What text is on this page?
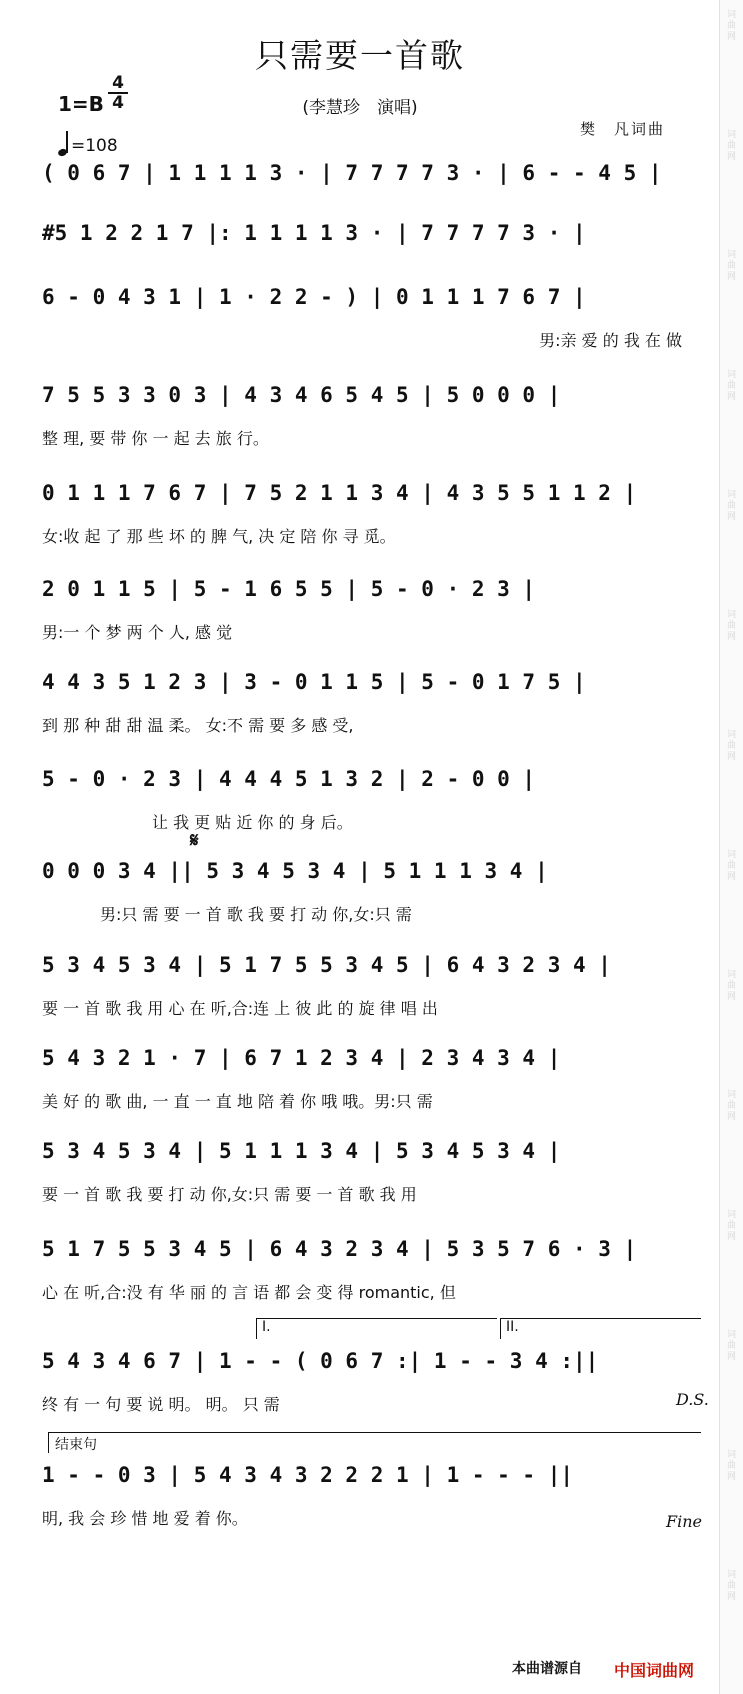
只需要一首歌
(李慧珍　演唱)
1=B
4
4
=108
樊　凡词曲
( 0 6 7 | 1 1 1 1 3 · | 7 7 7 7 3 · | 6 - - 4 5 |
#5 1 2 2 1 7 |: 1 1 1 1 3 · | 7 7 7 7 3 · |
6 - 0 4 3 1 | 1 · 2 2 - ) | 0 1 1 1 7 6 7 |
男:亲 爱 的 我 在 做
7 5 5 3 3 0 3 | 4 3 4 6 5 4 5 | 5 0 0 0 |
整 理, 要 带 你 一 起 去 旅 行。
0 1 1 1 7 6 7 | 7 5 2 1 1 3 4 | 4 3 5 5 1 1 2 |
女:收 起 了 那 些 坏 的 脾 气, 决 定 陪 你 寻 觅。
2 0 1 1 5 | 5 - 1 6 5 5 | 5 - 0 · 2 3 |
男:一 个 梦 两 个 人, 感 觉
4 4 3 5 1 2 3 | 3 - 0 1 1 5 | 5 - 0 1 7 5 |
到 那 种 甜 甜 温 柔。 女:不 需 要 多 感 受,
5 - 0 · 2 3 | 4 4 4 5 1 3 2 | 2 - 0 0 |
让 我 更 贴 近 你 的 身 后。
𝄋
0 0 0 3 4 || 5 3 4 5 3 4 | 5 1 1 1 3 4 |
男:只 需 要 一 首 歌 我 要 打 动 你,女:只 需
5 3 4 5 3 4 | 5 1 7 5 5 3 4 5 | 6 4 3 2 3 4 |
要 一 首 歌 我 用 心 在 听,合:连 上 彼 此 的 旋 律 唱 出
5 4 3 2 1 · 7 | 6 7 1 2 3 4 | 2 3 4 3 4 |
美 好 的 歌 曲, 一 直 一 直 地 陪 着 你 哦 哦。男:只 需
5 3 4 5 3 4 | 5 1 1 1 3 4 | 5 3 4 5 3 4 |
要 一 首 歌 我 要 打 动 你,女:只 需 要 一 首 歌 我 用
5 1 7 5 5 3 4 5 | 6 4 3 2 3 4 | 5 3 5 7 6 · 3 |
心 在 听,合:没 有 华 丽 的 言 语 都 会 变 得 romantic, 但
I.	II.
5 4 3 4 6 7 | 1 - - ( 0 6 7 :| 1 - - 3 4 :||
终 有 一 句 要 说 明。 明。 只 需	D.S.
结束句
1 - - 0 3 | 5 4 3 4 3 2 2 2 1 | 1 - - - ||
明, 我 会 珍 惜 地 爱 着 你。	Fine
本曲谱源自 中国词曲网
词曲网
词曲网
词曲网
词曲网
词曲网
词曲网
词曲网
词曲网
词曲网
词曲网
词曲网
词曲网
词曲网
词曲网
